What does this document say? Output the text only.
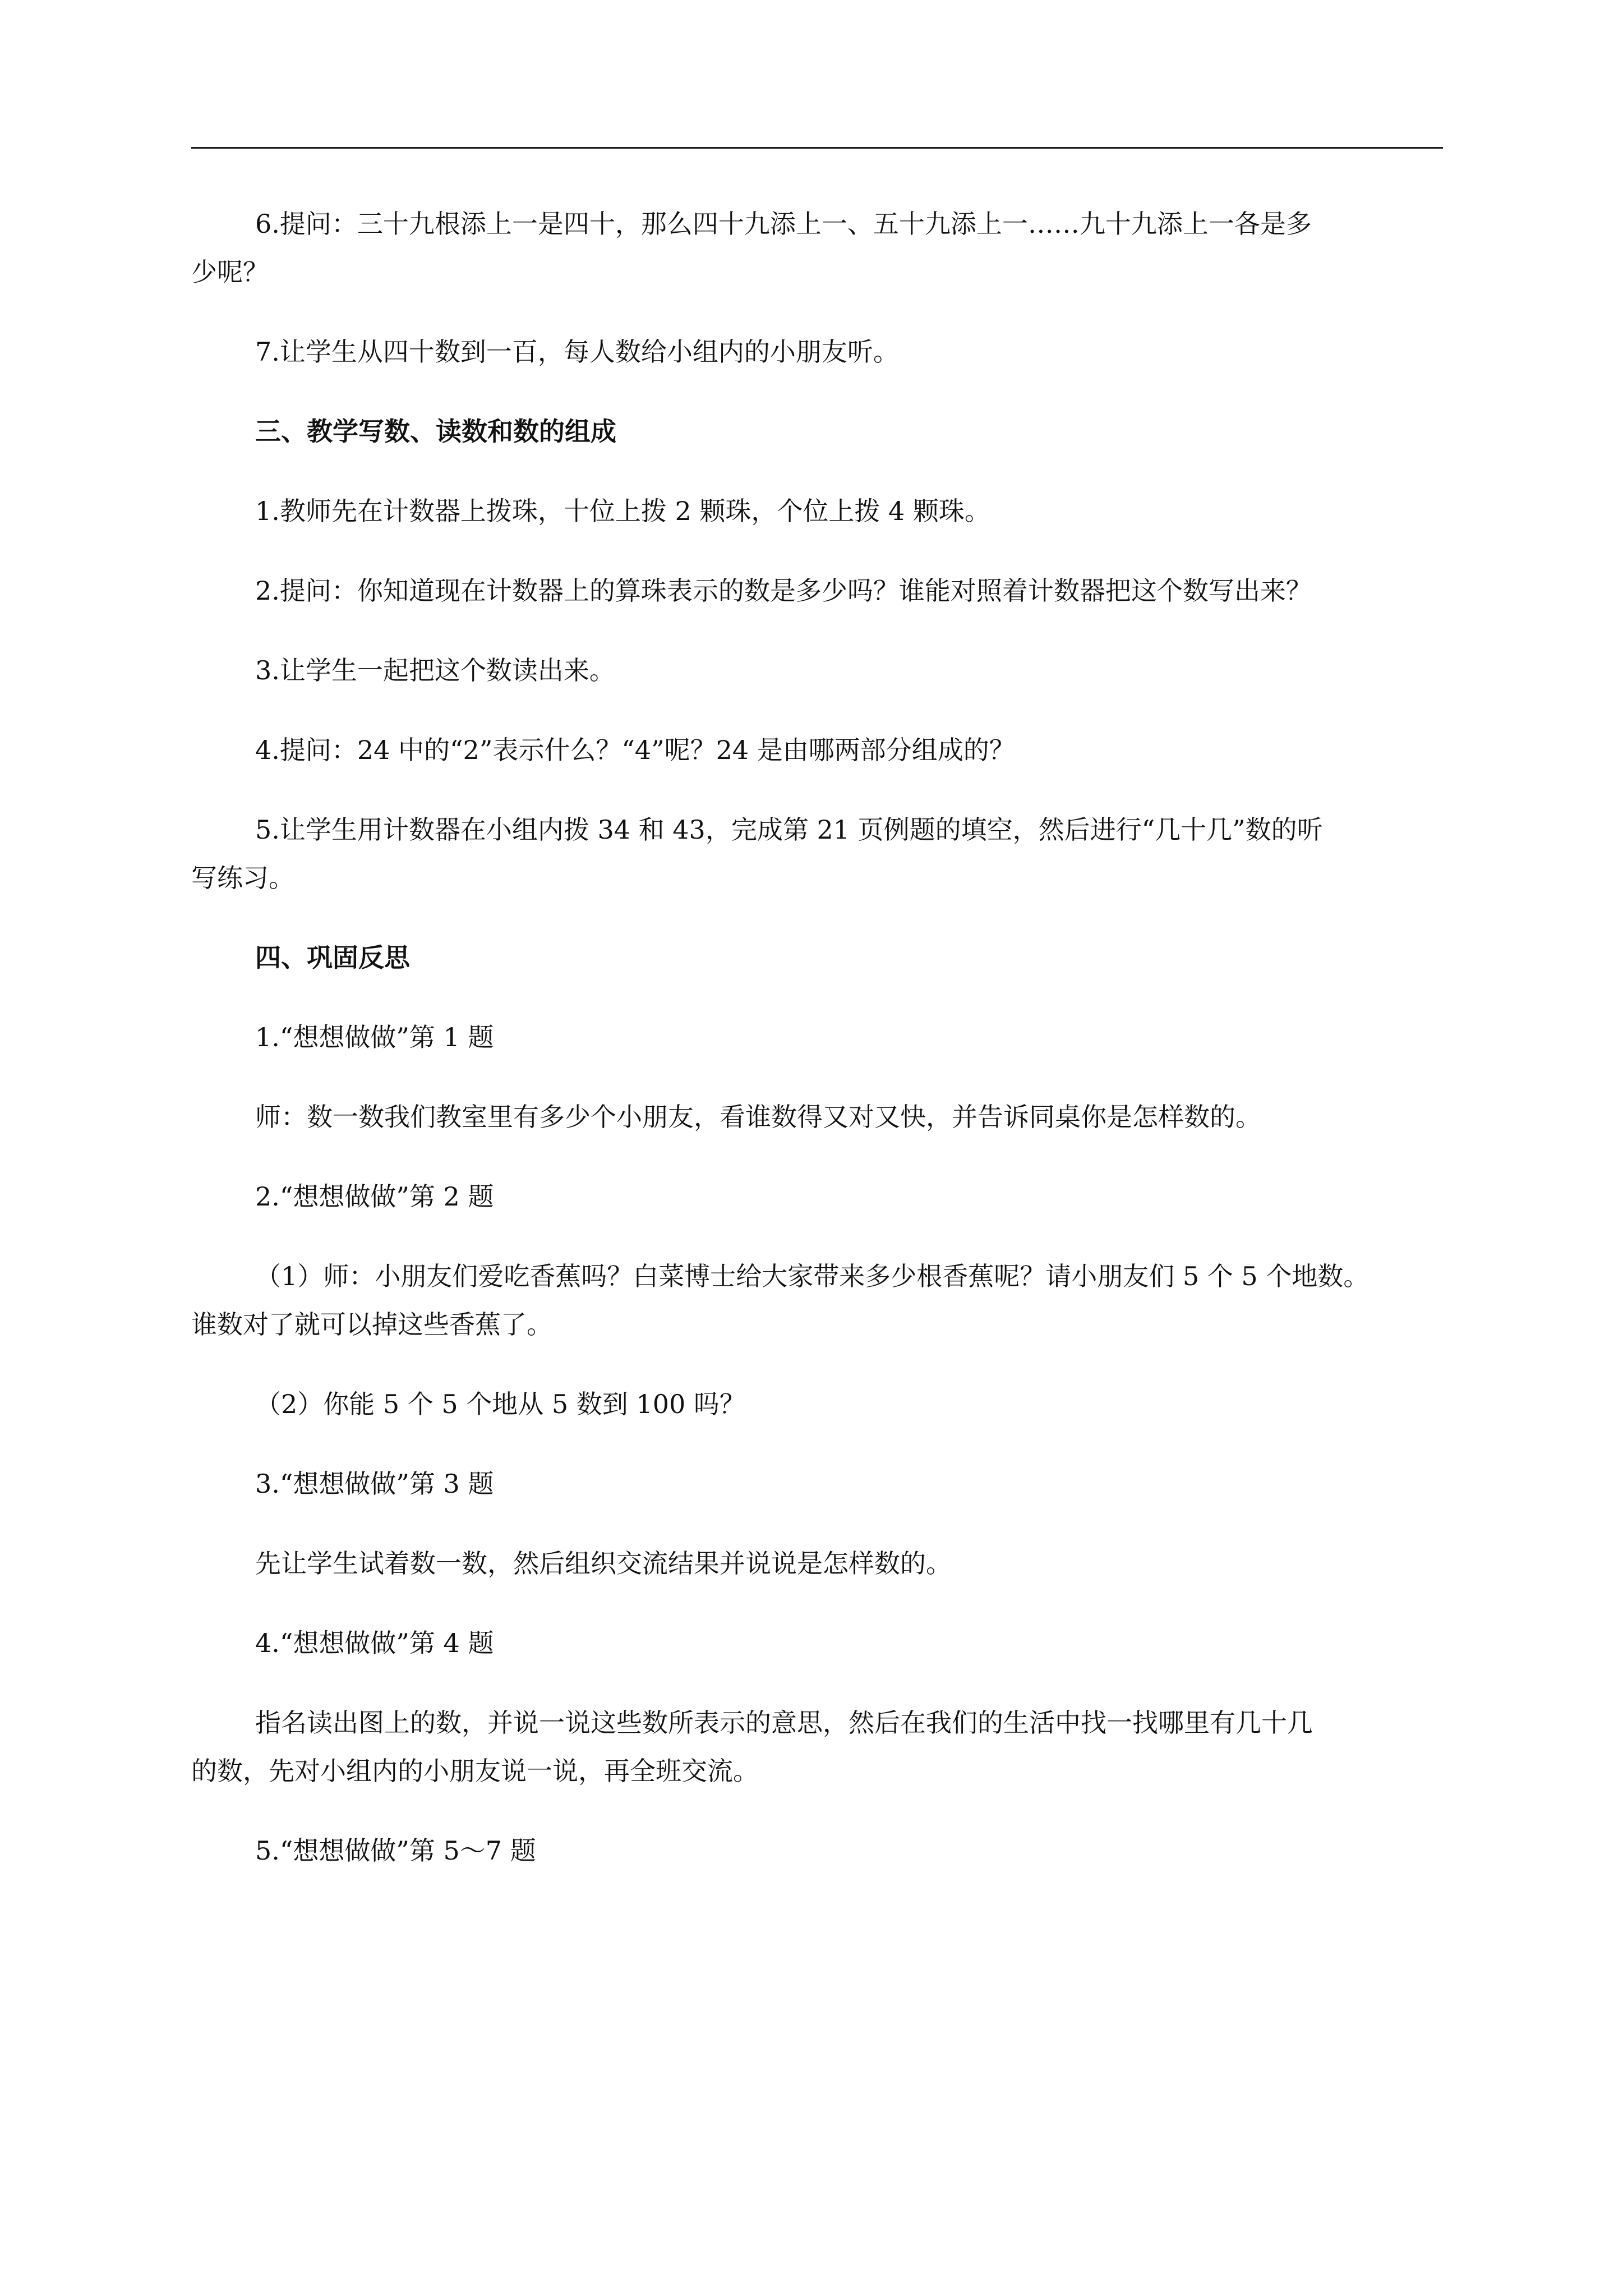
6.提问：三十九根添上一是四十，那么四十九添上一、五十九添上一……九十九添上一各是多
少呢？

7.让学生从四十数到一百，每人数给小组内的小朋友听。

三、教学写数、读数和数的组成

1.教师先在计数器上拨珠，十位上拨 2 颗珠，个位上拨 4 颗珠。

2.提问：你知道现在计数器上的算珠表示的数是多少吗？谁能对照着计数器把这个数写出来？

3.让学生一起把这个数读出来。

4.提问：24 中的“2”表示什么？“4”呢？24 是由哪两部分组成的？

5.让学生用计数器在小组内拨 34 和 43，完成第 21 页例题的填空，然后进行“几十几”数的听
写练习。

四、巩固反思

1.“想想做做”第 1 题

师：数一数我们教室里有多少个小朋友，看谁数得又对又快，并告诉同桌你是怎样数的。

2.“想想做做”第 2 题

（1）师：小朋友们爱吃香蕉吗？白菜博士给大家带来多少根香蕉呢？请小朋友们 5 个 5 个地数。
谁数对了就可以掉这些香蕉了。

（2）你能 5 个 5 个地从 5 数到 100 吗？

3.“想想做做”第 3 题

先让学生试着数一数，然后组织交流结果并说说是怎样数的。

4.“想想做做”第 4 题

指名读出图上的数，并说一说这些数所表示的意思，然后在我们的生活中找一找哪里有几十几
的数，先对小组内的小朋友说一说，再全班交流。

5.“想想做做”第 5～7 题
